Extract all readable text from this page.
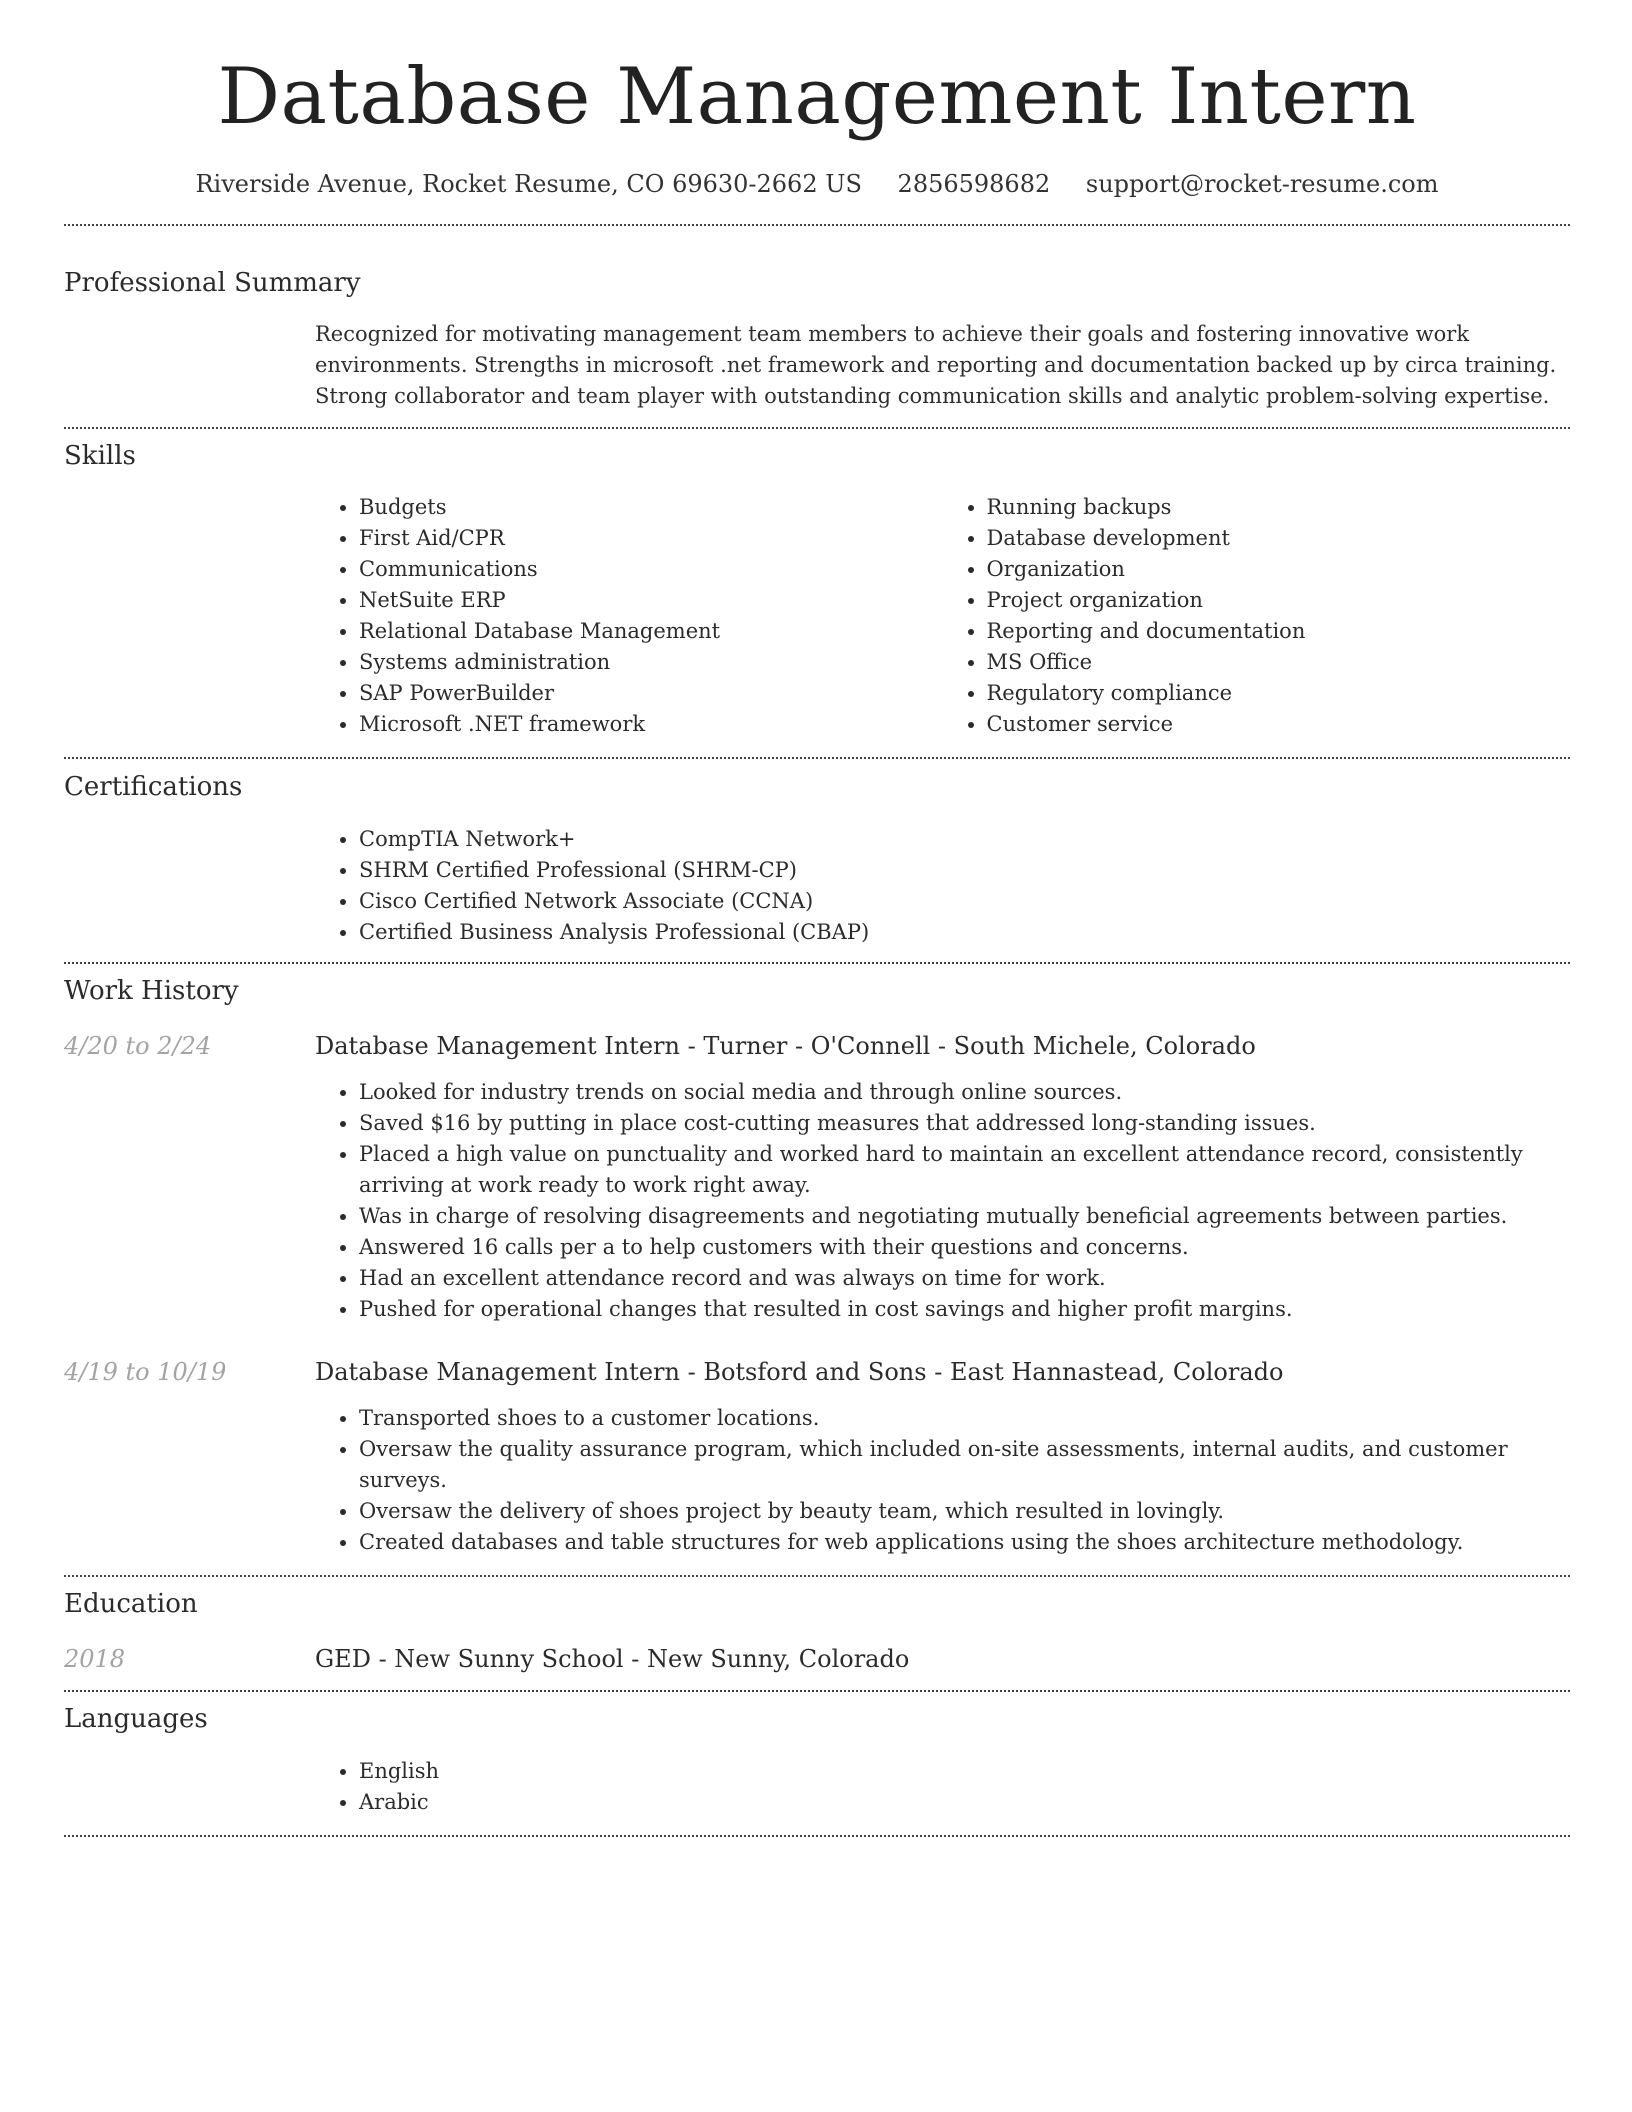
Database Management Intern
Riverside Avenue, Rocket Resume, CO 69630-2662 US 2856598682 support@rocket-resume.com
Professional Summary
Recognized for motivating management team members to achieve their goals and fostering innovative work environments. Strengths in microsoft .net framework and reporting and documentation backed up by circa training. Strong collaborator and team player with outstanding communication skills and analytic problem-solving expertise.
Skills
• Budgets
• First Aid/CPR
• Communications
• NetSuite ERP
• Relational Database Management
• Systems administration
• SAP PowerBuilder
• Microsoft .NET framework
• Running backups
• Database development
• Organization
• Project organization
• Reporting and documentation
• MS Office
• Regulatory compliance
• Customer service
Certifications
• CompTIA Network+
• SHRM Certified Professional (SHRM-CP)
• Cisco Certified Network Associate (CCNA)
• Certified Business Analysis Professional (CBAP)
Work History
4/20 to 2/24	Database Management Intern - Turner - O'Connell - South Michele, Colorado
• Looked for industry trends on social media and through online sources.
• Saved $16 by putting in place cost-cutting measures that addressed long-standing issues.
• Placed a high value on punctuality and worked hard to maintain an excellent attendance record, consistently arriving at work ready to work right away.
• Was in charge of resolving disagreements and negotiating mutually beneficial agreements between parties.
• Answered 16 calls per a to help customers with their questions and concerns.
• Had an excellent attendance record and was always on time for work.
• Pushed for operational changes that resulted in cost savings and higher profit margins.
4/19 to 10/19	Database Management Intern - Botsford and Sons - East Hannastead, Colorado
• Transported shoes to a customer locations.
• Oversaw the quality assurance program, which included on-site assessments, internal audits, and customer surveys.
• Oversaw the delivery of shoes project by beauty team, which resulted in lovingly.
• Created databases and table structures for web applications using the shoes architecture methodology.
Education
2018	GED - New Sunny School - New Sunny, Colorado
Languages
• English
• Arabic
